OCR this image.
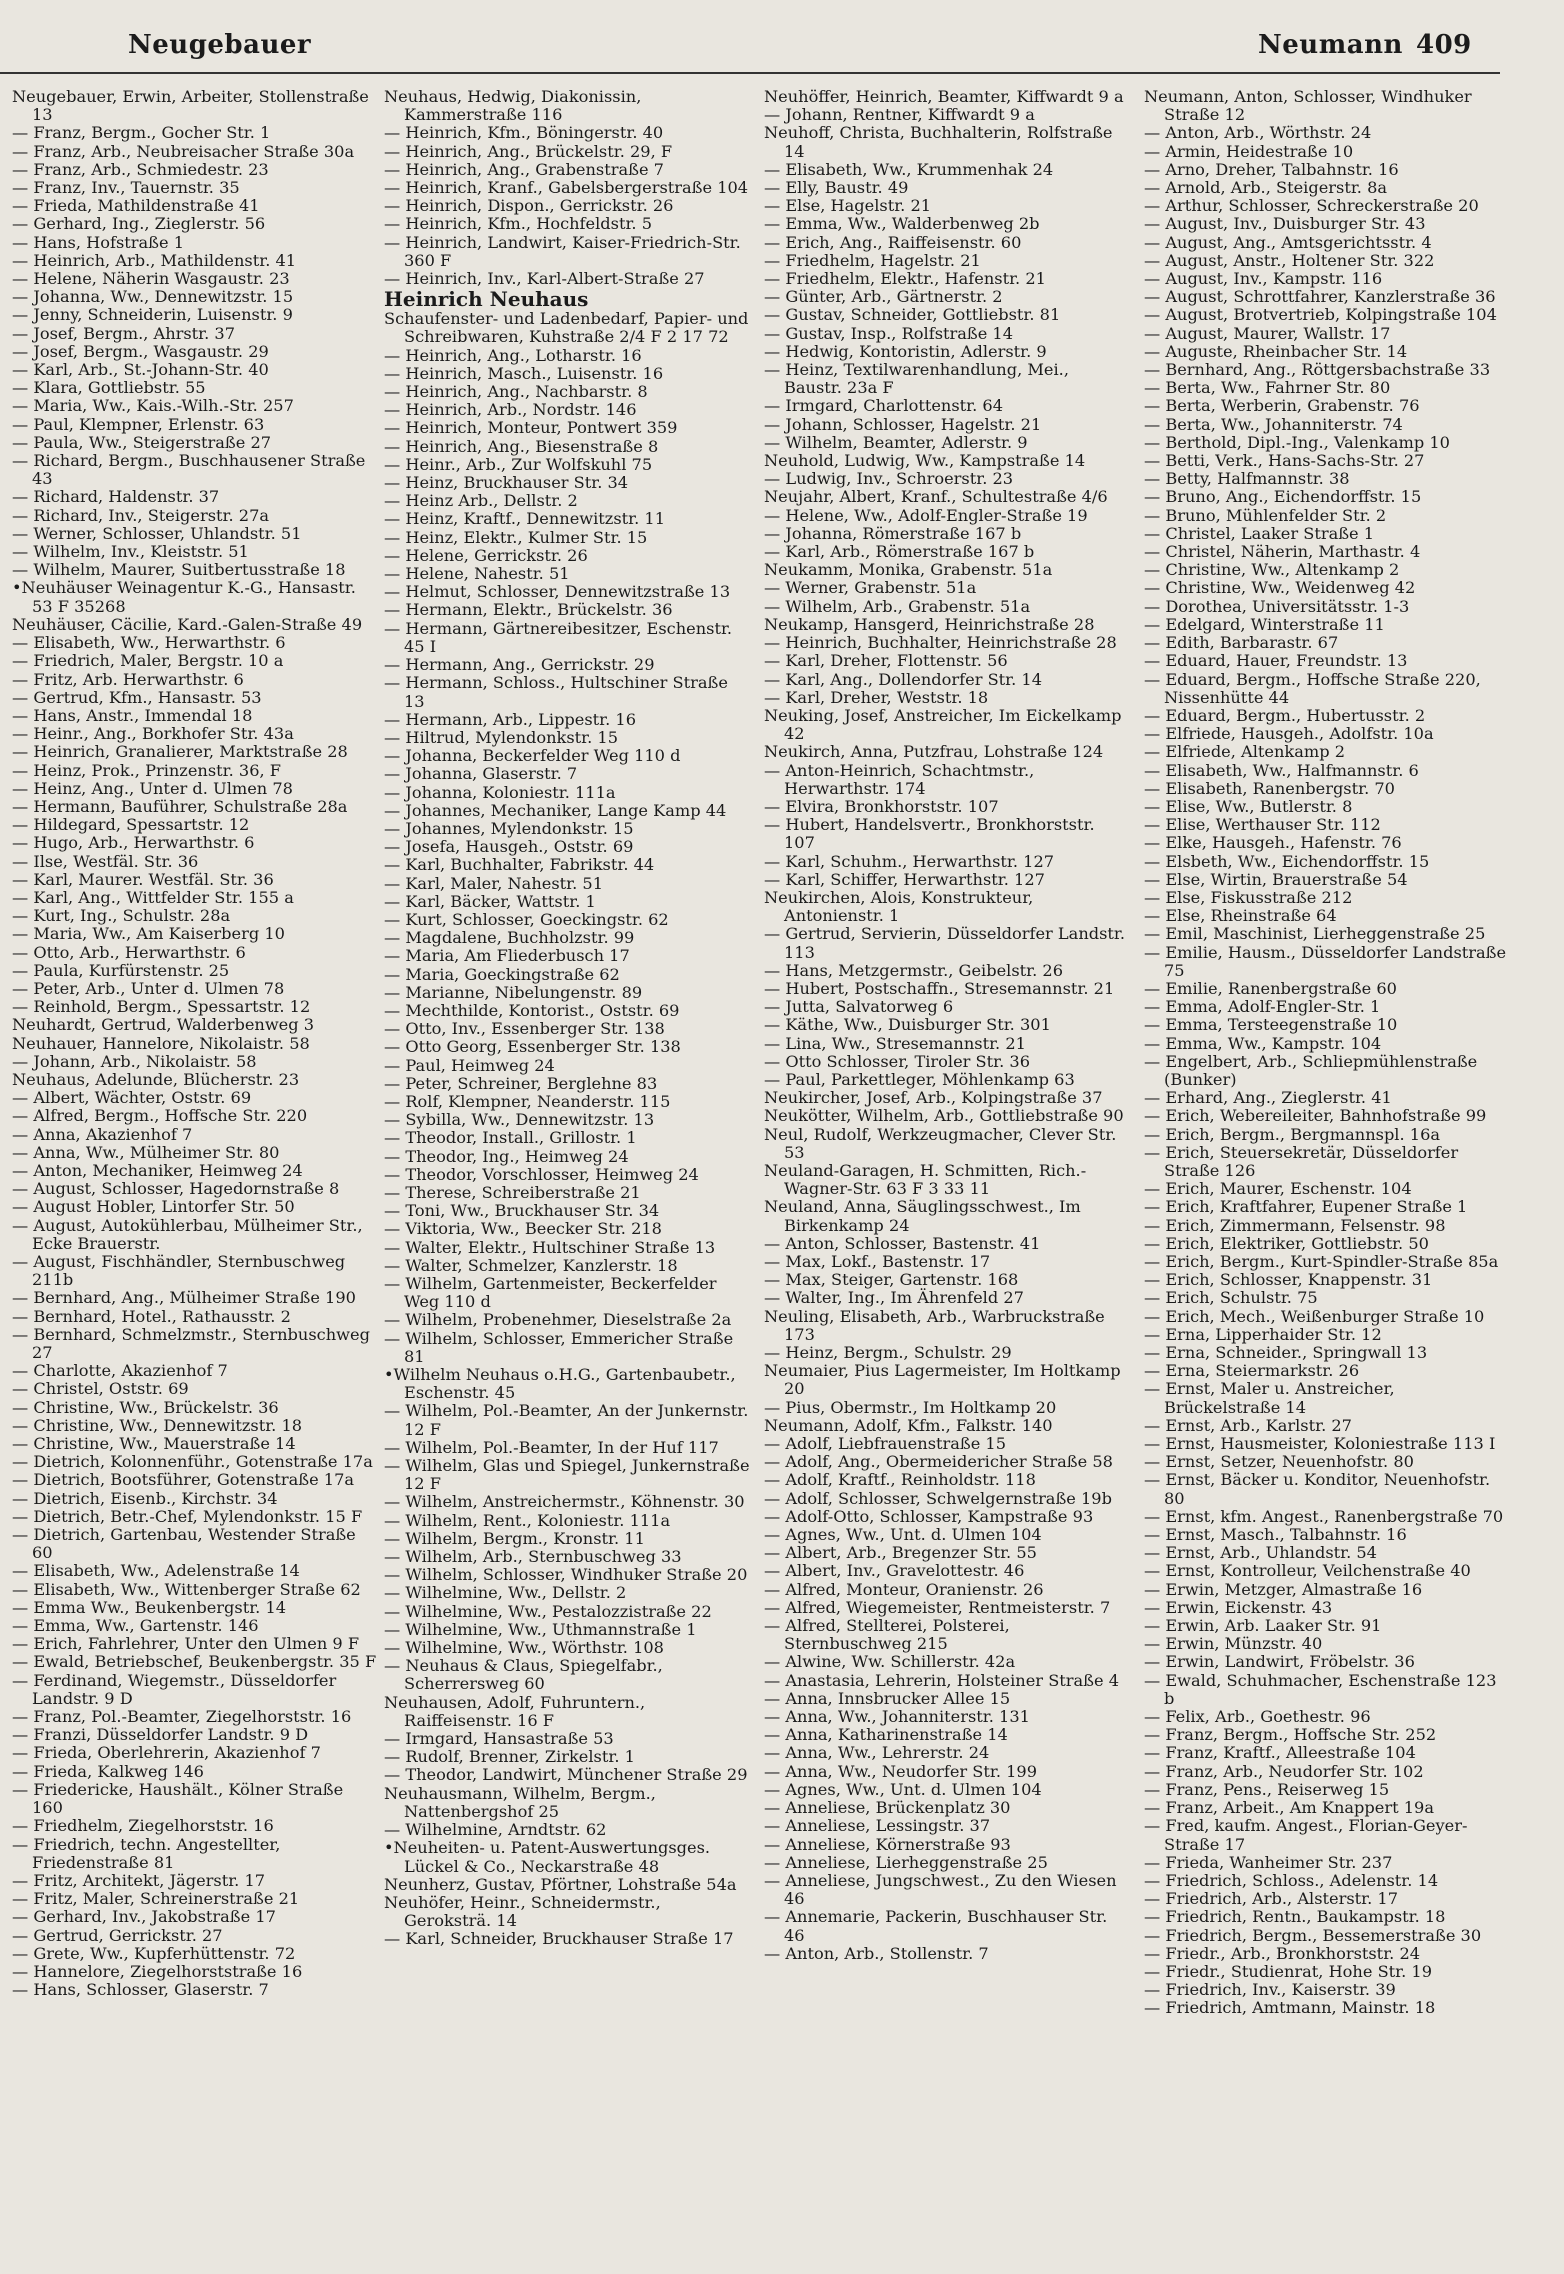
Neugebauer	Neumann 409
Neugebauer, Erwin, Arbeiter, Stollenstraße 13
— Franz, Bergm., Gocher Str. 1
— Franz, Arb., Neubreisacher Straße 30a
— Franz, Arb., Schmiedestr. 23
— Franz, Inv., Tauernstr. 35
— Frieda, Mathildenstraße 41
— Gerhard, Ing., Zieglerstr. 56
— Hans, Hofstraße 1
— Heinrich, Arb., Mathildenstr. 41
— Helene, Näherin Wasgaustr. 23
— Johanna, Ww., Dennewitzstr. 15
— Jenny, Schneiderin, Luisenstr. 9
— Josef, Bergm., Ahrstr. 37
— Josef, Bergm., Wasgaustr. 29
— Karl, Arb., St.-Johann-Str. 40
— Klara, Gottliebstr. 55
— Maria, Ww., Kais.-Wilh.-Str. 257
— Paul, Klempner, Erlenstr. 63
— Paula, Ww., Steigerstraße 27
— Richard, Bergm., Buschhausener Straße 43
— Richard, Haldenstr. 37
— Richard, Inv., Steigerstr. 27a
— Werner, Schlosser, Uhlandstr. 51
— Wilhelm, Inv., Kleiststr. 51
— Wilhelm, Maurer, Suitbertusstraße 18
•Neuhäuser Weinagentur K.-G., Hansastr. 53 F 35268
Neuhäuser, Cäcilie, Kard.-Galen-Straße 49
— Elisabeth, Ww., Herwarthstr. 6
— Friedrich, Maler, Bergstr. 10 a
— Fritz, Arb. Herwarthstr. 6
— Gertrud, Kfm., Hansastr. 53
— Hans, Anstr., Immendal 18
— Heinr., Ang., Borkhofer Str. 43a
— Heinrich, Granalierer, Marktstraße 28
— Heinz, Prok., Prinzenstr. 36, F
— Heinz, Ang., Unter d. Ulmen 78
— Hermann, Bauführer, Schulstraße 28a
— Hildegard, Spessartstr. 12
— Hugo, Arb., Herwarthstr. 6
— Ilse, Westfäl. Str. 36
— Karl, Maurer. Westfäl. Str. 36
— Karl, Ang., Wittfelder Str. 155 a
— Kurt, Ing., Schulstr. 28a
— Maria, Ww., Am Kaiserberg 10
— Otto, Arb., Herwarthstr. 6
— Paula, Kurfürstenstr. 25
— Peter, Arb., Unter d. Ulmen 78
— Reinhold, Bergm., Spessartstr. 12
Neuhardt, Gertrud, Walderbenweg 3
Neuhauer, Hannelore, Nikolaistr. 58
— Johann, Arb., Nikolaistr. 58
Neuhaus, Adelunde, Blücherstr. 23
— Albert, Wächter, Oststr. 69
— Alfred, Bergm., Hoffsche Str. 220
— Anna, Akazienhof 7
— Anna, Ww., Mülheimer Str. 80
— Anton, Mechaniker, Heimweg 24
— August, Schlosser, Hagedornstraße 8
— August Hobler, Lintorfer Str. 50
— August, Autokühlerbau, Mülheimer Str., Ecke Brauerstr.
— August, Fischhändler, Sternbuschweg 211b
— Bernhard, Ang., Mülheimer Straße 190
— Bernhard, Hotel., Rathausstr. 2
— Bernhard, Schmelzmstr., Sternbuschweg 27
— Charlotte, Akazienhof 7
— Christel, Oststr. 69
— Christine, Ww., Brückelstr. 36
— Christine, Ww., Dennewitzstr. 18
— Christine, Ww., Mauerstraße 14
— Dietrich, Kolonnenführ., Gotenstraße 17a
— Dietrich, Bootsführer, Gotenstraße 17a
— Dietrich, Eisenb., Kirchstr. 34
— Dietrich, Betr.-Chef, Mylendonkstr. 15 F
— Dietrich, Gartenbau, Westender Straße 60
— Elisabeth, Ww., Adelenstraße 14
— Elisabeth, Ww., Wittenberger Straße 62
— Emma Ww., Beukenbergstr. 14
— Emma, Ww., Gartenstr. 146
— Erich, Fahrlehrer, Unter den Ulmen 9 F
— Ewald, Betriebschef, Beukenbergstr. 35 F
— Ferdinand, Wiegemstr., Düsseldorfer Landstr. 9 D
— Franz, Pol.-Beamter, Ziegelhorststr. 16
— Franzi, Düsseldorfer Landstr. 9 D
— Frieda, Oberlehrerin, Akazienhof 7
— Frieda, Kalkweg 146
— Friedericke, Haushält., Kölner Straße 160
— Friedhelm, Ziegelhorststr. 16
— Friedrich, techn. Angestellter, Friedenstraße 81
— Fritz, Architekt, Jägerstr. 17
— Fritz, Maler, Schreinerstraße 21
— Gerhard, Inv., Jakobstraße 17
— Gertrud, Gerrickstr. 27
— Grete, Ww., Kupferhüttenstr. 72
— Hannelore, Ziegelhorststraße 16
— Hans, Schlosser, Glaserstr. 7
Neuhaus, Hedwig, Diakonissin, Kammerstraße 116
— Heinrich, Kfm., Böningerstr. 40
— Heinrich, Ang., Brückelstr. 29, F
— Heinrich, Ang., Grabenstraße 7
— Heinrich, Kranf., Gabelsbergerstraße 104
— Heinrich, Dispon., Gerrickstr. 26
— Heinrich, Kfm., Hochfeldstr. 5
— Heinrich, Landwirt, Kaiser-Friedrich-Str. 360 F
— Heinrich, Inv., Karl-Albert-Straße 27
Heinrich Neuhaus
Schaufenster- und Ladenbedarf, Papier- und Schreibwaren, Kuhstraße 2/4 F 2 17 72
— Heinrich, Ang., Lotharstr. 16
— Heinrich, Masch., Luisenstr. 16
— Heinrich, Ang., Nachbarstr. 8
— Heinrich, Arb., Nordstr. 146
— Heinrich, Monteur, Pontwert 359
— Heinrich, Ang., Biesenstraße 8
— Heinr., Arb., Zur Wolfskuhl 75
— Heinz, Bruckhauser Str. 34
— Heinz Arb., Dellstr. 2
— Heinz, Kraftf., Dennewitzstr. 11
— Heinz, Elektr., Kulmer Str. 15
— Helene, Gerrickstr. 26
— Helene, Nahestr. 51
— Helmut, Schlosser, Dennewitzstraße 13
— Hermann, Elektr., Brückelstr. 36
— Hermann, Gärtnereibesitzer, Eschenstr. 45 I
— Hermann, Ang., Gerrickstr. 29
— Hermann, Schloss., Hultschiner Straße 13
— Hermann, Arb., Lippestr. 16
— Hiltrud, Mylendonkstr. 15
— Johanna, Beckerfelder Weg 110 d
— Johanna, Glaserstr. 7
— Johanna, Koloniestr. 111a
— Johannes, Mechaniker, Lange Kamp 44
— Johannes, Mylendonkstr. 15
— Josefa, Hausgeh., Oststr. 69
— Karl, Buchhalter, Fabrikstr. 44
— Karl, Maler, Nahestr. 51
— Karl, Bäcker, Wattstr. 1
— Kurt, Schlosser, Goeckingstr. 62
— Magdalene, Buchholzstr. 99
— Maria, Am Fliederbusch 17
— Maria, Goeckingstraße 62
— Marianne, Nibelungenstr. 89
— Mechthilde, Kontorist., Oststr. 69
— Otto, Inv., Essenberger Str. 138
— Otto Georg, Essenberger Str. 138
— Paul, Heimweg 24
— Peter, Schreiner, Berglehne 83
— Rolf, Klempner, Neanderstr. 115
— Sybilla, Ww., Dennewitzstr. 13
— Theodor, Install., Grillostr. 1
— Theodor, Ing., Heimweg 24
— Theodor, Vorschlosser, Heimweg 24
— Therese, Schreiberstraße 21
— Toni, Ww., Bruckhauser Str. 34
— Viktoria, Ww., Beecker Str. 218
— Walter, Elektr., Hultschiner Straße 13
— Walter, Schmelzer, Kanzlerstr. 18
— Wilhelm, Gartenmeister, Beckerfelder Weg 110 d
— Wilhelm, Probenehmer, Dieselstraße 2a
— Wilhelm, Schlosser, Emmericher Straße 81
•Wilhelm Neuhaus o.H.G., Gartenbaubetr., Eschenstr. 45
— Wilhelm, Pol.-Beamter, An der Junkernstr. 12 F
— Wilhelm, Pol.-Beamter, In der Huf 117
— Wilhelm, Glas und Spiegel, Junkernstraße 12 F
— Wilhelm, Anstreichermstr., Köhnenstr. 30
— Wilhelm, Rent., Koloniestr. 111a
— Wilhelm, Bergm., Kronstr. 11
— Wilhelm, Arb., Sternbuschweg 33
— Wilhelm, Schlosser, Windhuker Straße 20
— Wilhelmine, Ww., Dellstr. 2
— Wilhelmine, Ww., Pestalozzistraße 22
— Wilhelmine, Ww., Uthmannstraße 1
— Wilhelmine, Ww., Wörthstr. 108
— Neuhaus & Claus, Spiegelfabr., Scherrersweg 60
Neuhausen, Adolf, Fuhruntern., Raiffeisenstr. 16 F
— Irmgard, Hansastraße 53
— Rudolf, Brenner, Zirkelstr. 1
— Theodor, Landwirt, Münchener Straße 29
Neuhausmann, Wilhelm, Bergm., Nattenbergshof 25
— Wilhelmine, Arndtstr. 62
•Neuheiten- u. Patent-Auswertungsges. Lückel & Co., Neckarstraße 48
Neunherz, Gustav, Pförtner, Lohstraße 54a
Neuhöfer, Heinr., Schneidermstr., Geroksträ. 14
— Karl, Schneider, Bruckhauser Straße 17
Neuhöffer, Heinrich, Beamter, Kiffwardt 9 a
— Johann, Rentner, Kiffwardt 9 a
Neuhoff, Christa, Buchhalterin, Rolfstraße 14
— Elisabeth, Ww., Krummenhak 24
— Elly, Baustr. 49
— Else, Hagelstr. 21
— Emma, Ww., Walderbenweg 2b
— Erich, Ang., Raiffeisenstr. 60
— Friedhelm, Hagelstr. 21
— Friedhelm, Elektr., Hafenstr. 21
— Günter, Arb., Gärtnerstr. 2
— Gustav, Schneider, Gottliebstr. 81
— Gustav, Insp., Rolfstraße 14
— Hedwig, Kontoristin, Adlerstr. 9
— Heinz, Textilwarenhandlung, Mei., Baustr. 23a F
— Irmgard, Charlottenstr. 64
— Johann, Schlosser, Hagelstr. 21
— Wilhelm, Beamter, Adlerstr. 9
Neuhold, Ludwig, Ww., Kampstraße 14
— Ludwig, Inv., Schroerstr. 23
Neujahr, Albert, Kranf., Schultestraße 4/6
— Helene, Ww., Adolf-Engler-Straße 19
— Johanna, Römerstraße 167 b
— Karl, Arb., Römerstraße 167 b
Neukamm, Monika, Grabenstr. 51a
— Werner, Grabenstr. 51a
— Wilhelm, Arb., Grabenstr. 51a
Neukamp, Hansgerd, Heinrichstraße 28
— Heinrich, Buchhalter, Heinrichstraße 28
— Karl, Dreher, Flottenstr. 56
— Karl, Ang., Dollendorfer Str. 14
— Karl, Dreher, Weststr. 18
Neuking, Josef, Anstreicher, Im Eickelkamp 42
Neukirch, Anna, Putzfrau, Lohstraße 124
— Anton-Heinrich, Schachtmstr., Herwarthstr. 174
— Elvira, Bronkhorststr. 107
— Hubert, Handelsvertr., Bronkhorststr. 107
— Karl, Schuhm., Herwarthstr. 127
— Karl, Schiffer, Herwarthstr. 127
Neukirchen, Alois, Konstrukteur, Antonienstr. 1
— Gertrud, Servierin, Düsseldorfer Landstr. 113
— Hans, Metzgermstr., Geibelstr. 26
— Hubert, Postschaffn., Stresemannstr. 21
— Jutta, Salvatorweg 6
— Käthe, Ww., Duisburger Str. 301
— Lina, Ww., Stresemannstr. 21
— Otto Schlosser, Tiroler Str. 36
— Paul, Parkettleger, Möhlenkamp 63
Neukircher, Josef, Arb., Kolpingstraße 37
Neukötter, Wilhelm, Arb., Gottliebstraße 90
Neul, Rudolf, Werkzeugmacher, Clever Str. 53
Neuland-Garagen, H. Schmitten, Rich.-Wagner-Str. 63 F 3 33 11
Neuland, Anna, Säuglingsschwest., Im Birkenkamp 24
— Anton, Schlosser, Bastenstr. 41
— Max, Lokf., Bastenstr. 17
— Max, Steiger, Gartenstr. 168
— Walter, Ing., Im Ährenfeld 27
Neuling, Elisabeth, Arb., Warbruckstraße 173
— Heinz, Bergm., Schulstr. 29
Neumaier, Pius Lagermeister, Im Holtkamp 20
— Pius, Obermstr., Im Holtkamp 20
Neumann, Adolf, Kfm., Falkstr. 140
— Adolf, Liebfrauenstraße 15
— Adolf, Ang., Obermeidericher Straße 58
— Adolf, Kraftf., Reinholdstr. 118
— Adolf, Schlosser, Schwelgernstraße 19b
— Adolf-Otto, Schlosser, Kampstraße 93
— Agnes, Ww., Unt. d. Ulmen 104
— Albert, Arb., Bregenzer Str. 55
— Albert, Inv., Gravelottestr. 46
— Alfred, Monteur, Oranienstr. 26
— Alfred, Wiegemeister, Rentmeisterstr. 7
— Alfred, Stellterei, Polsterei, Sternbuschweg 215
— Alwine, Ww. Schillerstr. 42a
— Anastasia, Lehrerin, Holsteiner Straße 4
— Anna, Innsbrucker Allee 15
— Anna, Ww., Johanniterstr. 131
— Anna, Katharinenstraße 14
— Anna, Ww., Lehrerstr. 24
— Anna, Ww., Neudorfer Str. 199
— Agnes, Ww., Unt. d. Ulmen 104
— Anneliese, Brückenplatz 30
— Anneliese, Lessingstr. 37
— Anneliese, Körnerstraße 93
— Anneliese, Lierheggenstraße 25
— Anneliese, Jungschwest., Zu den Wiesen 46
— Annemarie, Packerin, Buschhauser Str. 46
— Anton, Arb., Stollenstr. 7
Neumann, Anton, Schlosser, Windhuker Straße 12
— Anton, Arb., Wörthstr. 24
— Armin, Heidestraße 10
— Arno, Dreher, Talbahnstr. 16
— Arnold, Arb., Steigerstr. 8a
— Arthur, Schlosser, Schreckerstraße 20
— August, Inv., Duisburger Str. 43
— August, Ang., Amtsgerichtsstr. 4
— August, Anstr., Holtener Str. 322
— August, Inv., Kampstr. 116
— August, Schrottfahrer, Kanzlerstraße 36
— August, Brotvertrieb, Kolpingstraße 104
— August, Maurer, Wallstr. 17
— Auguste, Rheinbacher Str. 14
— Bernhard, Ang., Röttgersbachstraße 33
— Berta, Ww., Fahrner Str. 80
— Berta, Werberin, Grabenstr. 76
— Berta, Ww., Johanniterstr. 74
— Berthold, Dipl.-Ing., Valenkamp 10
— Betti, Verk., Hans-Sachs-Str. 27
— Betty, Halfmannstr. 38
— Bruno, Ang., Eichendorffstr. 15
— Bruno, Mühlenfelder Str. 2
— Christel, Laaker Straße 1
— Christel, Näherin, Marthastr. 4
— Christine, Ww., Altenkamp 2
— Christine, Ww., Weidenweg 42
— Dorothea, Universitätsstr. 1-3
— Edelgard, Winterstraße 11
— Edith, Barbarastr. 67
— Eduard, Hauer, Freundstr. 13
— Eduard, Bergm., Hoffsche Straße 220, Nissenhütte 44
— Eduard, Bergm., Hubertusstr. 2
— Elfriede, Hausgeh., Adolfstr. 10a
— Elfriede, Altenkamp 2
— Elisabeth, Ww., Halfmannstr. 6
— Elisabeth, Ranenbergstr. 70
— Elise, Ww., Butlerstr. 8
— Elise, Werthauser Str. 112
— Elke, Hausgeh., Hafenstr. 76
— Elsbeth, Ww., Eichendorffstr. 15
— Else, Wirtin, Brauerstraße 54
— Else, Fiskusstraße 212
— Else, Rheinstraße 64
— Emil, Maschinist, Lierheggenstraße 25
— Emilie, Hausm., Düsseldorfer Landstraße 75
— Emilie, Ranenbergstraße 60
— Emma, Adolf-Engler-Str. 1
— Emma, Tersteegenstraße 10
— Emma, Ww., Kampstr. 104
— Engelbert, Arb., Schliepmühlenstraße (Bunker)
— Erhard, Ang., Zieglerstr. 41
— Erich, Webereileiter, Bahnhofstraße 99
— Erich, Bergm., Bergmannspl. 16a
— Erich, Steuersekretär, Düsseldorfer Straße 126
— Erich, Maurer, Eschenstr. 104
— Erich, Kraftfahrer, Eupener Straße 1
— Erich, Zimmermann, Felsenstr. 98
— Erich, Elektriker, Gottliebstr. 50
— Erich, Bergm., Kurt-Spindler-Straße 85a
— Erich, Schlosser, Knappenstr. 31
— Erich, Schulstr. 75
— Erich, Mech., Weißenburger Straße 10
— Erna, Lipperhaider Str. 12
— Erna, Schneider., Springwall 13
— Erna, Steiermarkstr. 26
— Ernst, Maler u. Anstreicher, Brückelstraße 14
— Ernst, Arb., Karlstr. 27
— Ernst, Hausmeister, Koloniestraße 113 I
— Ernst, Setzer, Neuenhofstr. 80
— Ernst, Bäcker u. Konditor, Neuenhofstr. 80
— Ernst, kfm. Angest., Ranenbergstraße 70
— Ernst, Masch., Talbahnstr. 16
— Ernst, Arb., Uhlandstr. 54
— Ernst, Kontrolleur, Veilchenstraße 40
— Erwin, Metzger, Almastraße 16
— Erwin, Eickenstr. 43
— Erwin, Arb. Laaker Str. 91
— Erwin, Münzstr. 40
— Erwin, Landwirt, Fröbelstr. 36
— Ewald, Schuhmacher, Eschenstraße 123 b
— Felix, Arb., Goethestr. 96
— Franz, Bergm., Hoffsche Str. 252
— Franz, Kraftf., Alleestraße 104
— Franz, Arb., Neudorfer Str. 102
— Franz, Pens., Reiserweg 15
— Franz, Arbeit., Am Knappert 19a
— Fred, kaufm. Angest., Florian-Geyer-Straße 17
— Frieda, Wanheimer Str. 237
— Friedrich, Schloss., Adelenstr. 14
— Friedrich, Arb., Alsterstr. 17
— Friedrich, Rentn., Baukampstr. 18
— Friedrich, Bergm., Bessemerstraße 30
— Friedr., Arb., Bronkhorststr. 24
— Friedr., Studienrat, Hohe Str. 19
— Friedrich, Inv., Kaiserstr. 39
— Friedrich, Amtmann, Mainstr. 18
